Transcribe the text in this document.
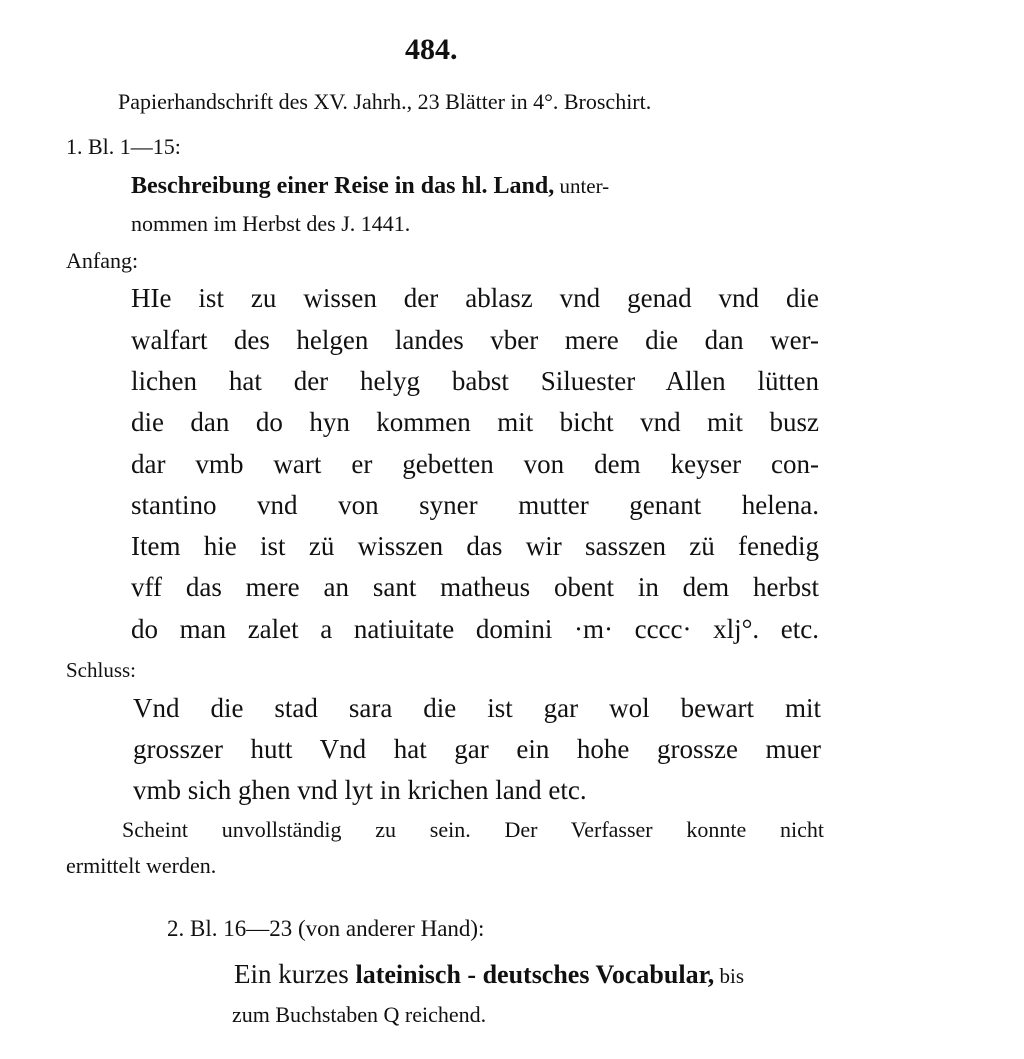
484.
Papierhandschrift des XV. Jahrh., 23 Blätter in 4°. Broschirt.
1. Bl. 1—15:
Beschreibung einer Reise in das hl. Land, unter-
nommen im Herbst des J. 1441.
Anfang:
HIe ist zu wissen der ablasz vnd genad vnd die
walfart des helgen landes vber mere die dan wer-
lichen hat der helyg babst Siluester Allen lütten
die dan do hyn kommen mit bicht vnd mit busz
dar vmb wart er gebetten von dem keyser con-
stantino vnd von syner mutter genant helena.
Item hie ist zü wisszen das wir sasszen zü fenedig
vff das mere an sant matheus obent in dem herbst
do man zalet a natiuitate domini ·m· cccc· xlj°. etc.
Schluss:
Vnd die stad sara die ist gar wol bewart mit
grosszer hutt Vnd hat gar ein hohe grossze muer
vmb sich ghen vnd lyt in krichen land etc.
Scheint unvollständig zu sein. Der Verfasser konnte nicht
ermittelt werden.
2. Bl. 16—23 (von anderer Hand):
Ein kurzes lateinisch - deutsches Vocabular, bis
zum Buchstaben Q reichend.
